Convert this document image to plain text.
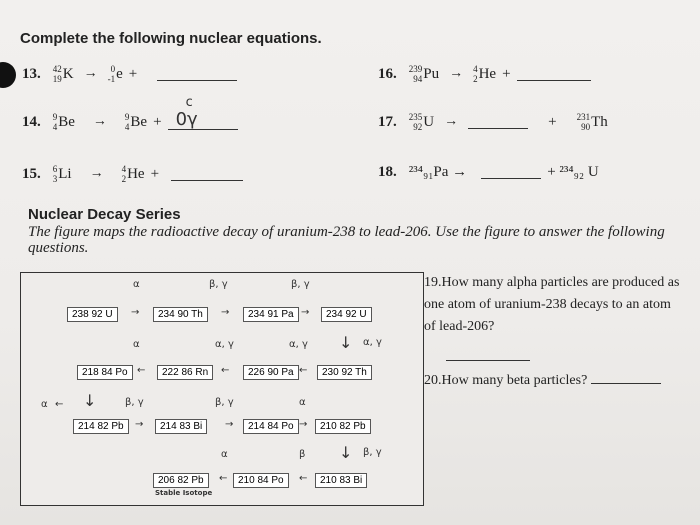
Complete the following nuclear equations.
13. 42
19 K → 0
-1 e +
14. 9
4 Be → 9
4 Be +
c
0γ
15. 6
3 Li → 4
2 He +
16. 239
94 Pu → 4
2 He +
17. 235
92 U →	+ 231
90 Th
18. ²³⁴₉₁Pa →	+ ²³⁴₉₂ U
Nuclear Decay Series
The figure maps the radioactive decay of uranium-238 to lead-206. Use the figure to answer the following questions.
238 92 U	234 90 Th	234 91 Pa	234 92 U
α	β, γ	β, γ
→	→	→
↓ α, γ
218 84 Po	222 86 Rn	226 90 Pa	230 92 Th
α	α, γ	α, γ
←	←	←
α ← ↓	β, γ	β, γ	α
214 82 Pb	214 83 Bi	214 84 Po	210 82 Pb
→	→	→
↓ β, γ
α	β
206 82 Pb	210 84 Po	210 83 Bi
←	←
Stable Isotope
19.How many alpha particles are produced as one atom of uranium-238 decays to an atom of lead-206?
20.How many beta particles?
